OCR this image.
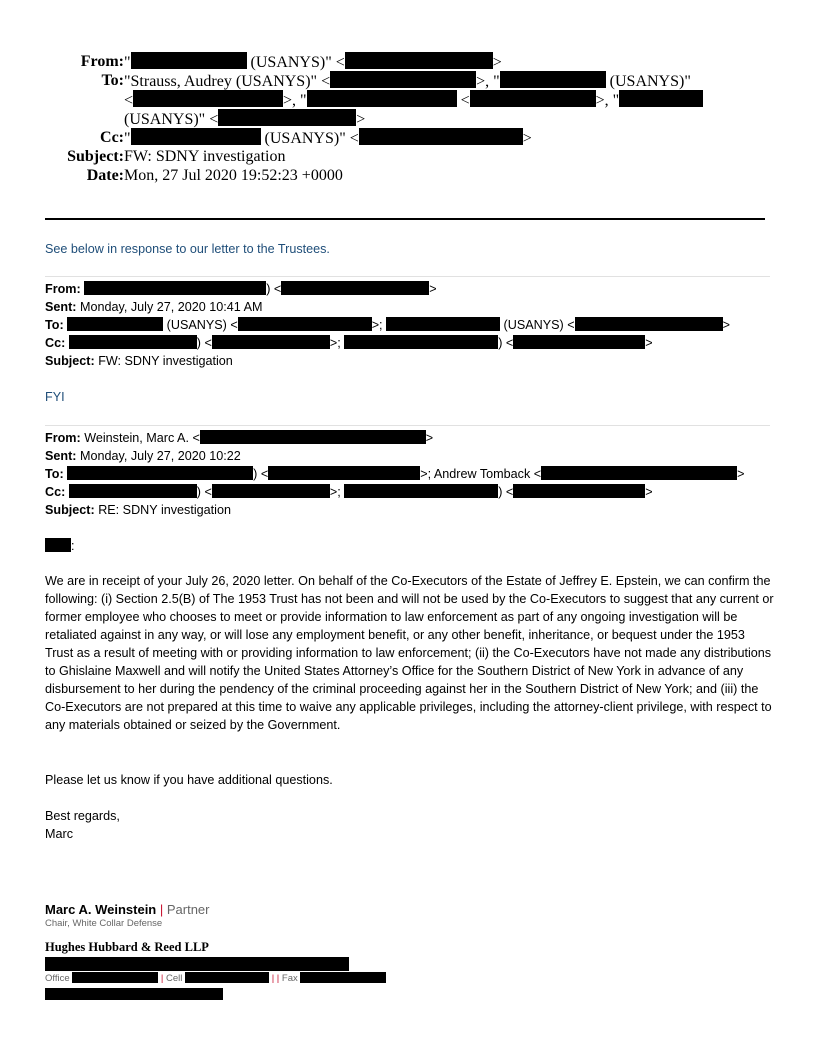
From: "	(USANYS)" <	>
To: "Strauss, Audrey (USANYS)" <	>, "	(USANYS)"
<	>, "	<	>, "
(USANYS)" <	>
Cc: "	(USANYS)" <	>
Subject: FW: SDNY investigation
Date: Mon, 27 Jul 2020 19:52:23 +0000
See below in response to our letter to the Trustees.
From:	) <	>
Sent: Monday, July 27, 2020 10:41 AM
To:	(USANYS) <	>;	(USANYS) <	>
Cc:	) <	>;	) <	>
Subject: FW: SDNY investigation
FYI
From: Weinstein, Marc A. <	>
Sent: Monday, July 27, 2020 10:22
To:	) <	>; Andrew Tomback <	>
Cc:	) <	>;	) <	>
Subject: RE: SDNY investigation
:
We are in receipt of your July 26, 2020 letter. On behalf of the Co-Executors of the Estate of Jeffrey E. Epstein, we can confirm the following: (i) Section 2.5(B) of The 1953 Trust has not been and will not be used by the Co-Executors to suggest that any current or former employee who chooses to meet or provide information to law enforcement as part of any ongoing investigation will be retaliated against in any way, or will lose any employment benefit, or any other benefit, inheritance, or bequest under the 1953 Trust as a result of meeting with or providing information to law enforcement; (ii) the Co-Executors have not made any distributions to Ghislaine Maxwell and will notify the United States Attorney’s Office for the Southern District of New York in advance of any disbursement to her during the pendency of the criminal proceeding against her in the Southern District of New York; and (iii) the Co-Executors are not prepared at this time to waive any applicable privileges, including the attorney-client privilege, with respect to any materials obtained or seized by the Government.
Please let us know if you have additional questions.
Best regards,
Marc
Marc A. Weinstein | Partner
Chair, White Collar Defense
Hughes Hubbard & Reed LLP
Office	| Cell	| | Fax
